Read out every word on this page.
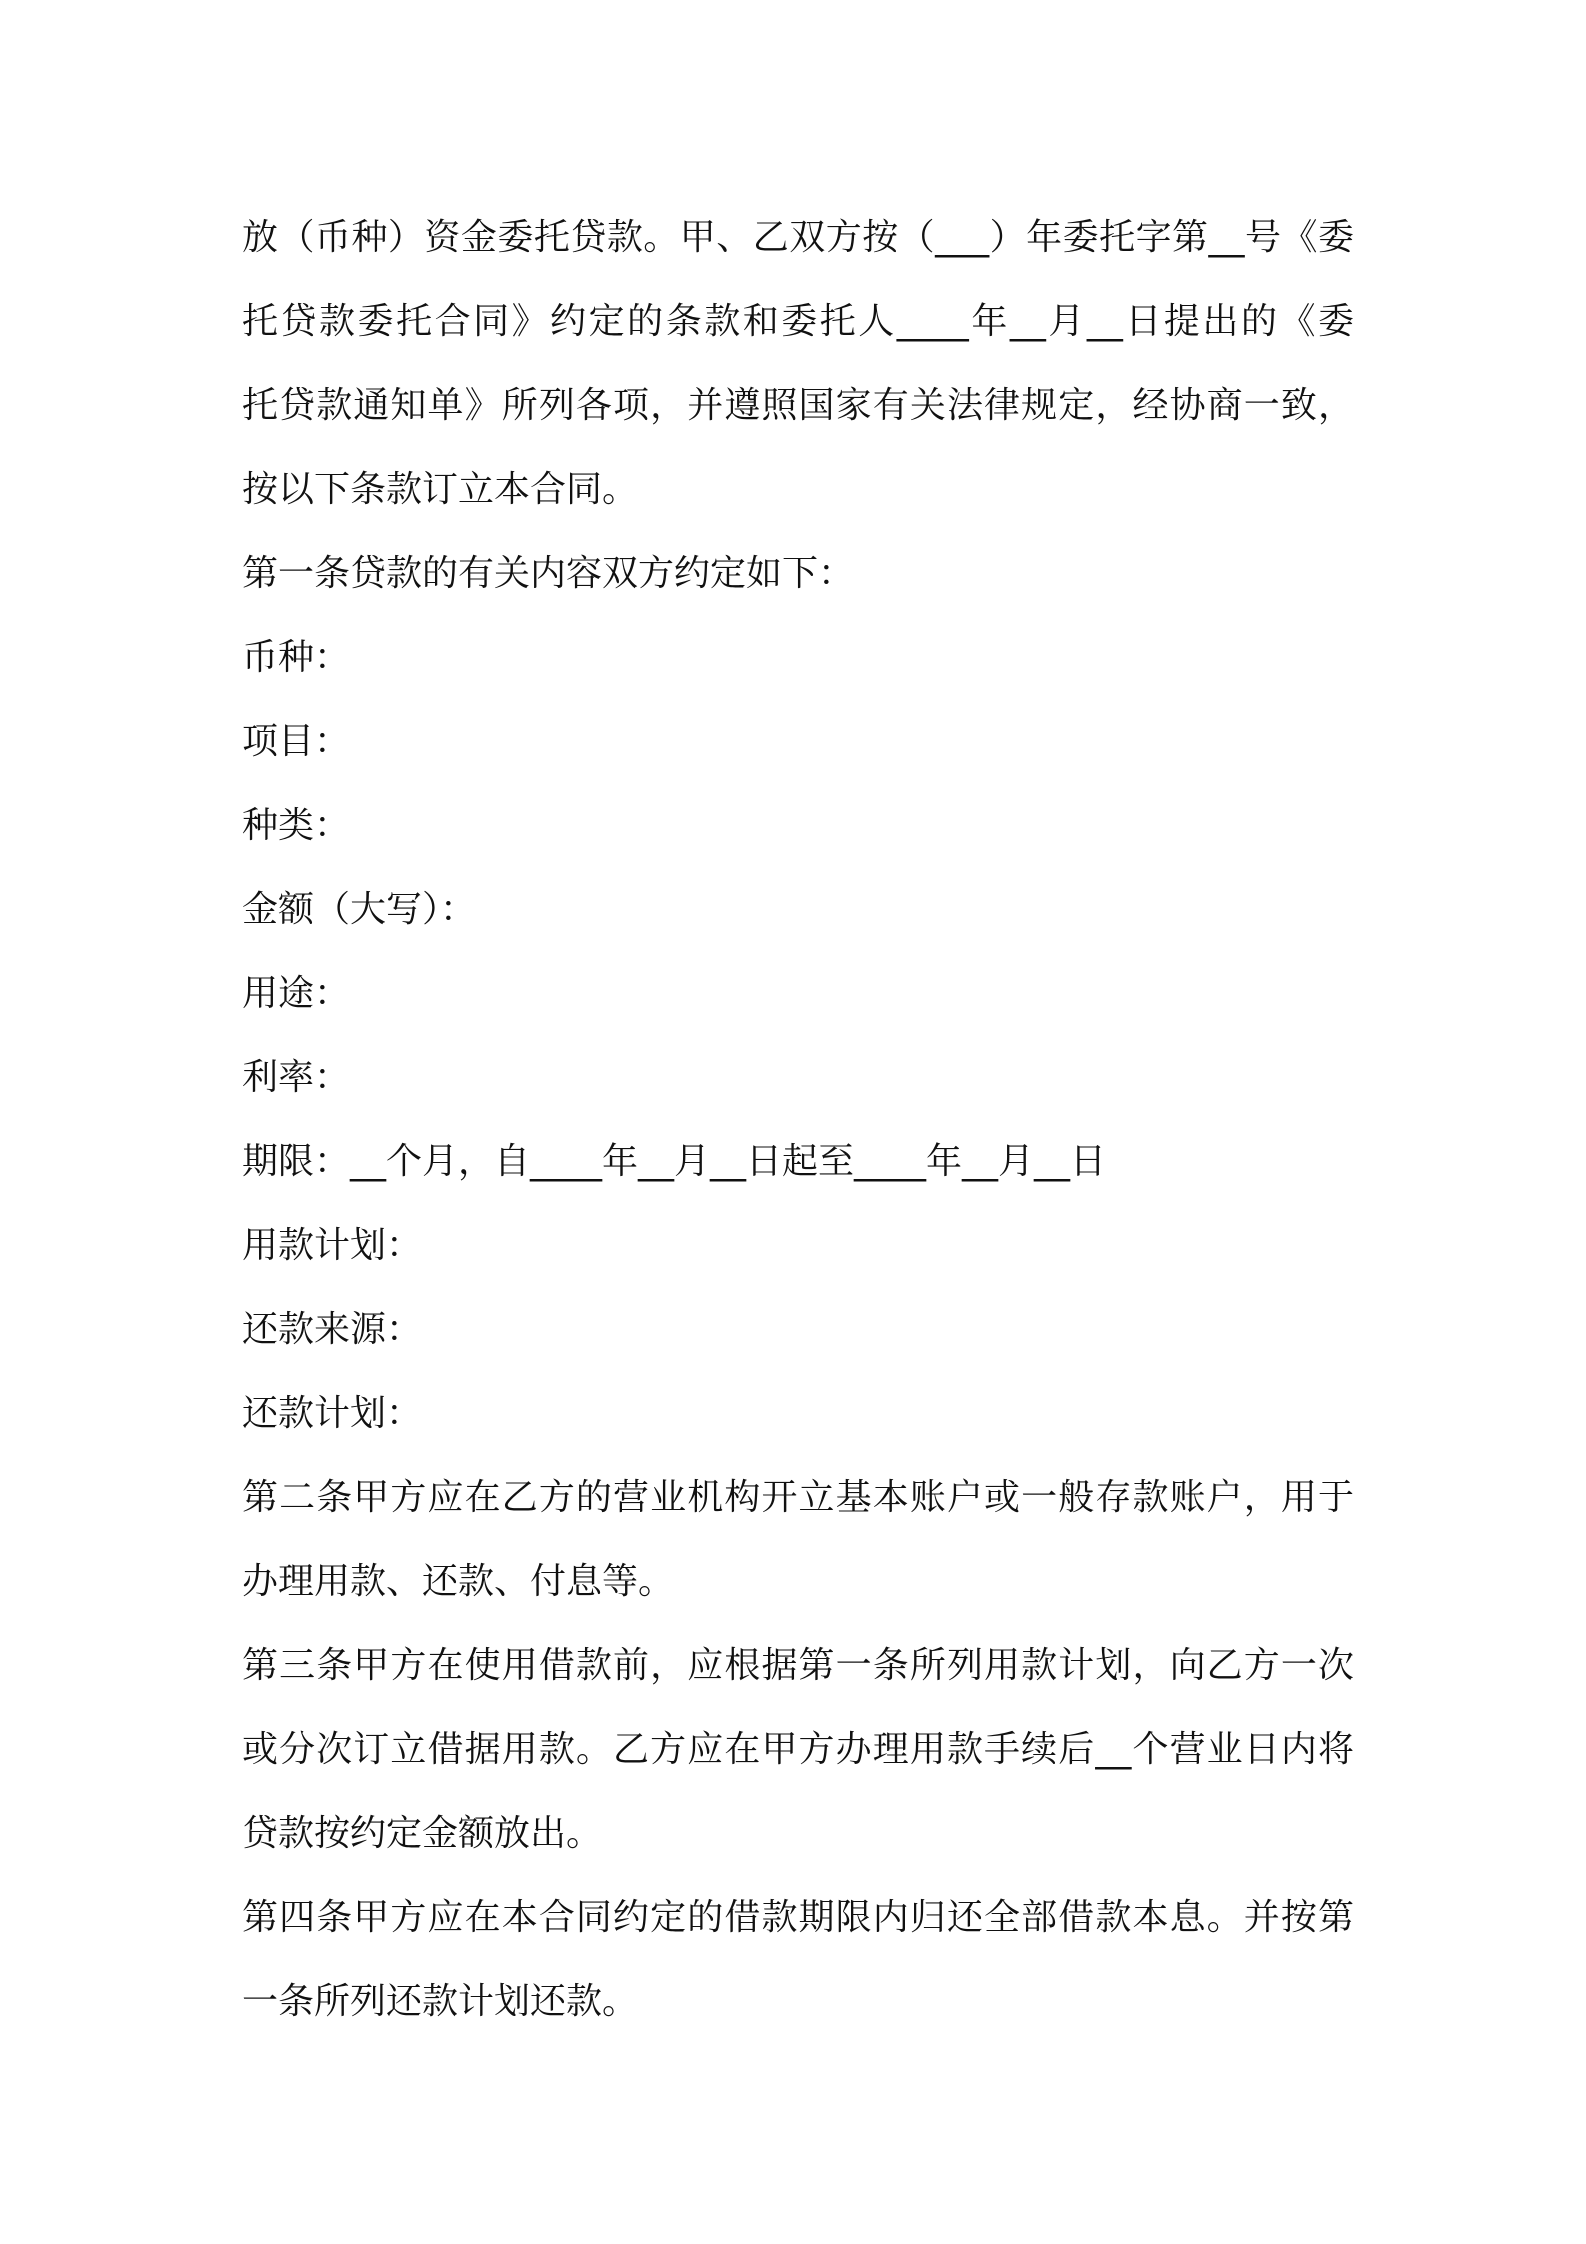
放（币种）资金委托贷款。甲、乙双方按（___）年委托字第__号《委
托贷款委托合同》约定的条款和委托人____年__月__日提出的《委
托贷款通知单》所列各项，并遵照国家有关法律规定，经协商一致，
按以下条款订立本合同。
第一条贷款的有关内容双方约定如下：
币种：
项目：
种类：
金额（大写）：
用途：
利率：
期限：__个月，自____年__月__日起至____年__月__日
用款计划：
还款来源：
还款计划：
第二条甲方应在乙方的营业机构开立基本账户或一般存款账户，用于
办理用款、还款、付息等。
第三条甲方在使用借款前，应根据第一条所列用款计划，向乙方一次
或分次订立借据用款。乙方应在甲方办理用款手续后__个营业日内将
贷款按约定金额放出。
第四条甲方应在本合同约定的借款期限内归还全部借款本息。并按第
一条所列还款计划还款。
